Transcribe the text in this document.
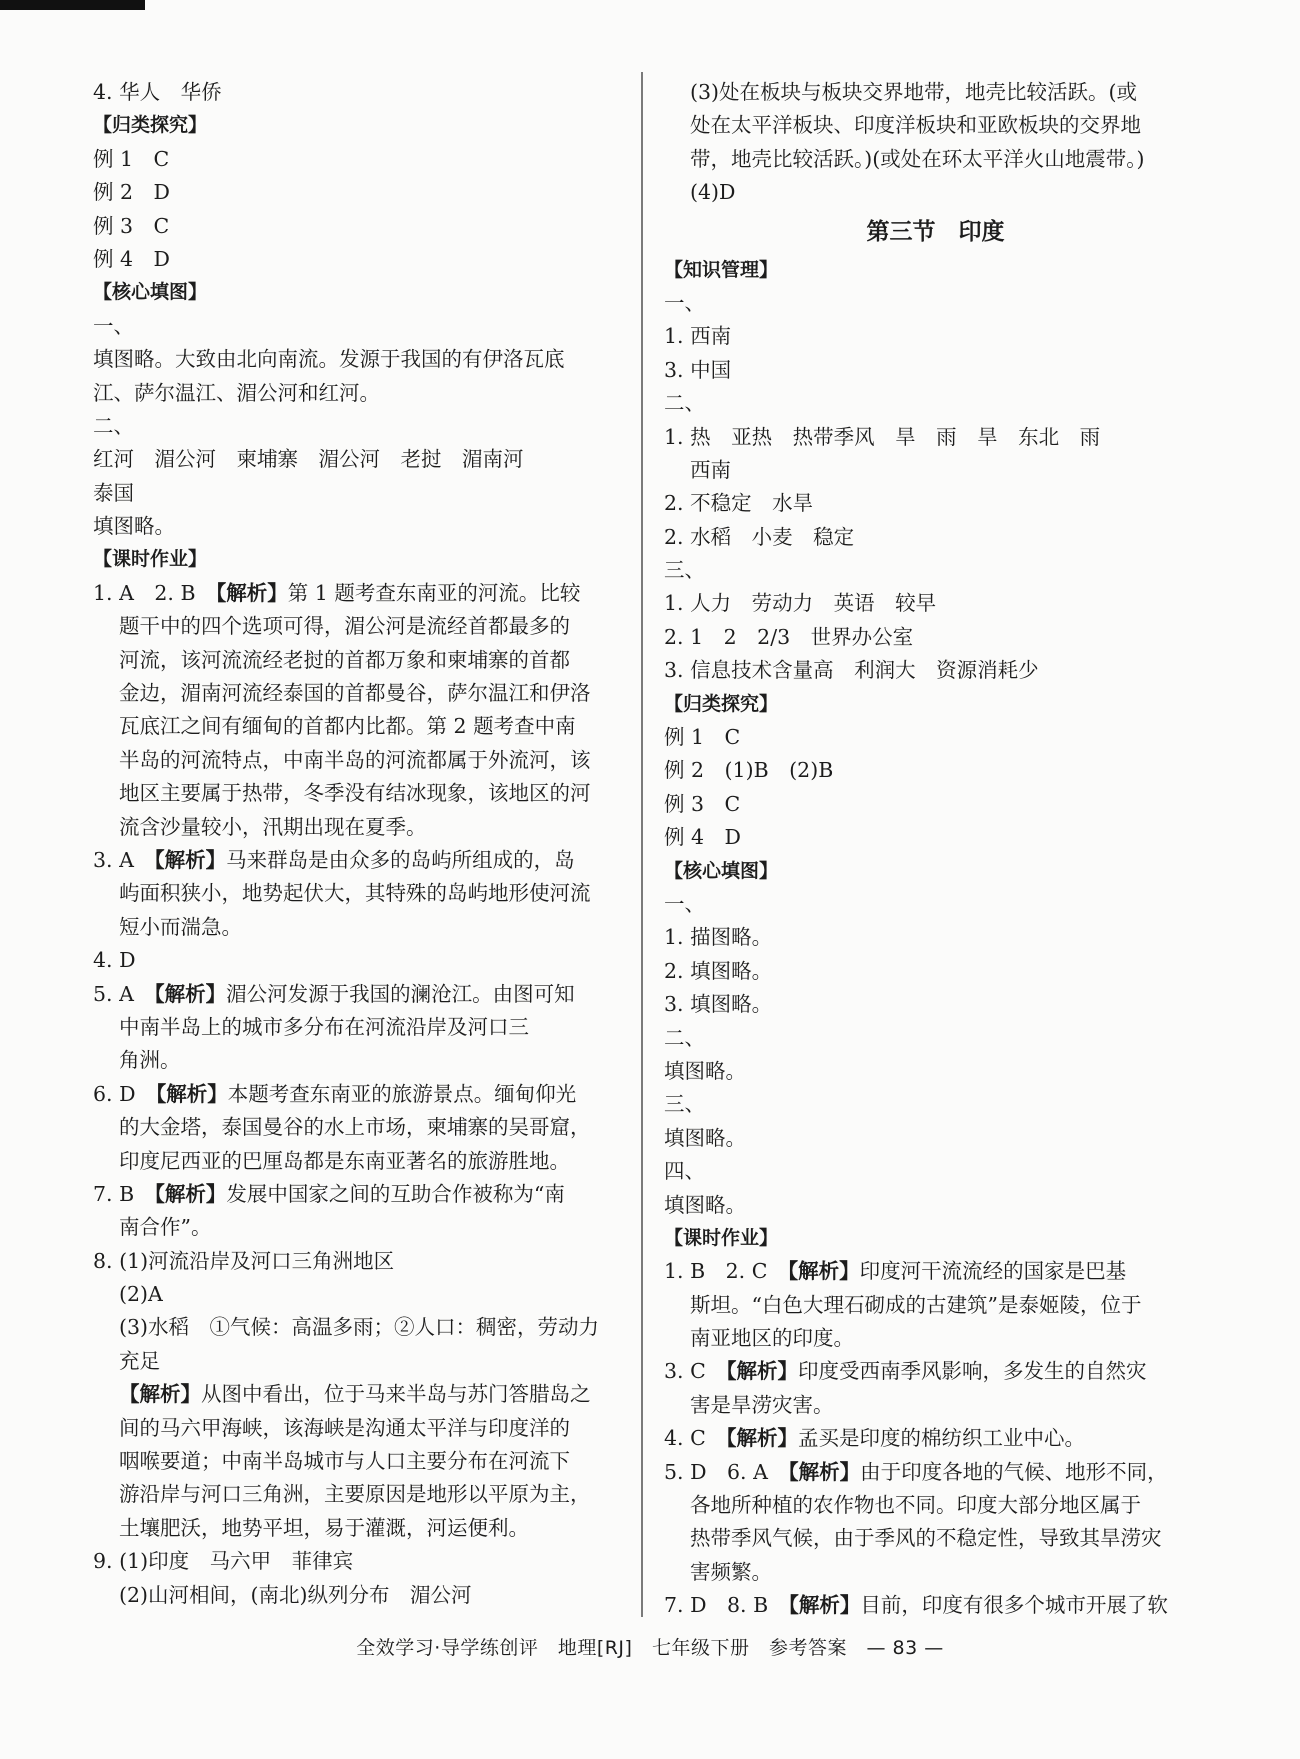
4. 华人　华侨
【归类探究】
例 1　C
例 2　D
例 3　C
例 4　D
【核心填图】
一、
填图略。大致由北向南流。发源于我国的有伊洛瓦底
江、萨尔温江、湄公河和红河。
二、
红河　湄公河　柬埔寨　湄公河　老挝　湄南河
泰国
填图略。
【课时作业】
1. A　2. B　【解析】第 1 题考查东南亚的河流。比较
题干中的四个选项可得，湄公河是流经首都最多的
河流，该河流流经老挝的首都万象和柬埔寨的首都
金边，湄南河流经泰国的首都曼谷，萨尔温江和伊洛
瓦底江之间有缅甸的首都内比都。第 2 题考查中南
半岛的河流特点，中南半岛的河流都属于外流河，该
地区主要属于热带，冬季没有结冰现象，该地区的河
流含沙量较小，汛期出现在夏季。
3. A　【解析】马来群岛是由众多的岛屿所组成的，岛
屿面积狭小，地势起伏大，其特殊的岛屿地形使河流
短小而湍急。
4. D
5. A　【解析】湄公河发源于我国的澜沧江。由图可知
中南半岛上的城市多分布在河流沿岸及河口三
角洲。
6. D　【解析】本题考查东南亚的旅游景点。缅甸仰光
的大金塔，泰国曼谷的水上市场，柬埔寨的吴哥窟，
印度尼西亚的巴厘岛都是东南亚著名的旅游胜地。
7. B　【解析】发展中国家之间的互助合作被称为“南
南合作”。
8. (1)河流沿岸及河口三角洲地区
(2)A
(3)水稻　①气候：高温多雨；②人口：稠密，劳动力
充足
【解析】从图中看出，位于马来半岛与苏门答腊岛之
间的马六甲海峡，该海峡是沟通太平洋与印度洋的
咽喉要道；中南半岛城市与人口主要分布在河流下
游沿岸与河口三角洲，主要原因是地形以平原为主，
土壤肥沃，地势平坦，易于灌溉，河运便利。
9. (1)印度　马六甲　菲律宾
(2)山河相间，(南北)纵列分布　湄公河
(3)处在板块与板块交界地带，地壳比较活跃。(或
处在太平洋板块、印度洋板块和亚欧板块的交界地
带，地壳比较活跃。)(或处在环太平洋火山地震带。)
(4)D
第三节　印度
【知识管理】
一、
1. 西南
3. 中国
二、
1. 热　亚热　热带季风　旱　雨　旱　东北　雨
西南
2. 不稳定　水旱
2. 水稻　小麦　稳定
三、
1. 人力　劳动力　英语　较早
2. 1　2　2/3　世界办公室
3. 信息技术含量高　利润大　资源消耗少
【归类探究】
例 1　C
例 2　(1)B　(2)B
例 3　C
例 4　D
【核心填图】
一、
1. 描图略。
2. 填图略。
3. 填图略。
二、
填图略。
三、
填图略。
四、
填图略。
【课时作业】
1. B　2. C　【解析】印度河干流流经的国家是巴基
斯坦。“白色大理石砌成的古建筑”是泰姬陵，位于
南亚地区的印度。
3. C　【解析】印度受西南季风影响，多发生的自然灾
害是旱涝灾害。
4. C　【解析】孟买是印度的棉纺织工业中心。
5. D　6. A　【解析】由于印度各地的气候、地形不同，
各地所种植的农作物也不同。印度大部分地区属于
热带季风气候，由于季风的不稳定性，导致其旱涝灾
害频繁。
7. D　8. B　【解析】目前，印度有很多个城市开展了软
全效学习·导学练创评　地理[RJ]　七年级下册　参考答案　— 83 —
